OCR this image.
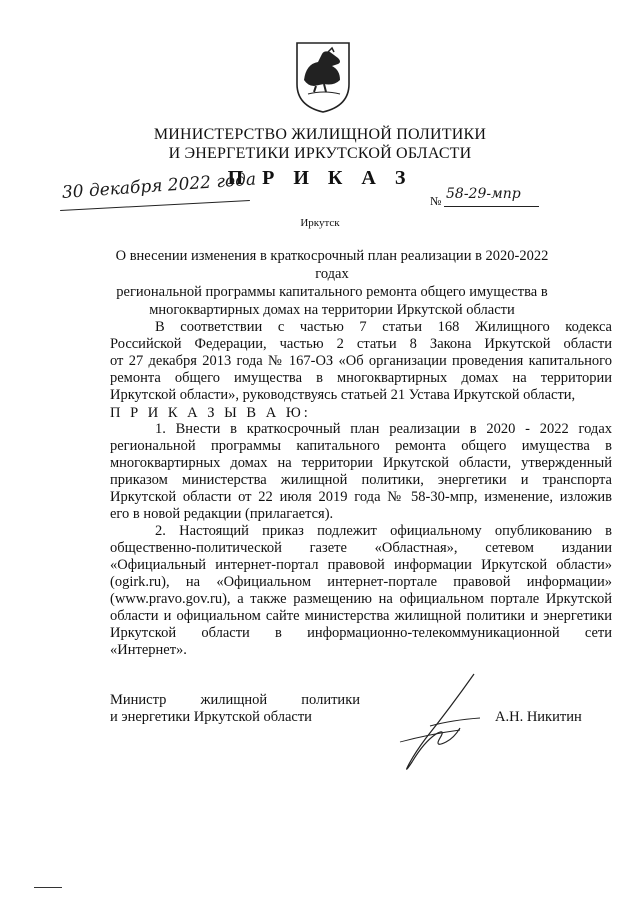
МИНИСТЕРСТВО ЖИЛИЩНОЙ ПОЛИТИКИ
И ЭНЕРГЕТИКИ ИРКУТСКОЙ ОБЛАСТИ
П Р И К А З
30 декабря 2022 года	№ 58-29-мпр
Иркутск
О внесении изменения в краткосрочный план реализации в 2020-2022 годах
региональной программы капитального ремонта общего имущества в
многоквартирных домах на территории Иркутской области

В соответствии с частью 7 статьи 168 Жилищного кодекса
Российской Федерации, частью 2 статьи 8 Закона Иркутской области
от 27 декабря 2013 года № 167-ОЗ «Об организации проведения капитального
ремонта общего имущества в многоквартирных домах на территории
Иркутской области», руководствуясь статьей 21 Устава Иркутской области,

П Р И К А З Ы В А Ю:

1. Внести в краткосрочный план реализации в 2020 - 2022 годах
региональной программы капитального ремонта общего имущества в
многоквартирных домах на территории Иркутской области, утвержденный
приказом министерства жилищной политики, энергетики и транспорта
Иркутской области от 22 июля 2019 года № 58-30-мпр, изменение, изложив
его в новой редакции (прилагается).

2. Настоящий приказ подлежит официальному опубликованию в
общественно-политической газете «Областная», сетевом издании
«Официальный интернет-портал правовой информации Иркутской области»
(ogirk.ru), на «Официальном интернет-портале правовой информации»
(www.pravo.gov.ru), а также размещению на официальном портале Иркутской
области и официальном сайте министерства жилищной политики и энергетики
Иркутской области в информационно-телекоммуникационной сети
«Интернет».

Министр жилищной политики
и энергетики Иркутской области	А.Н. Никитин
